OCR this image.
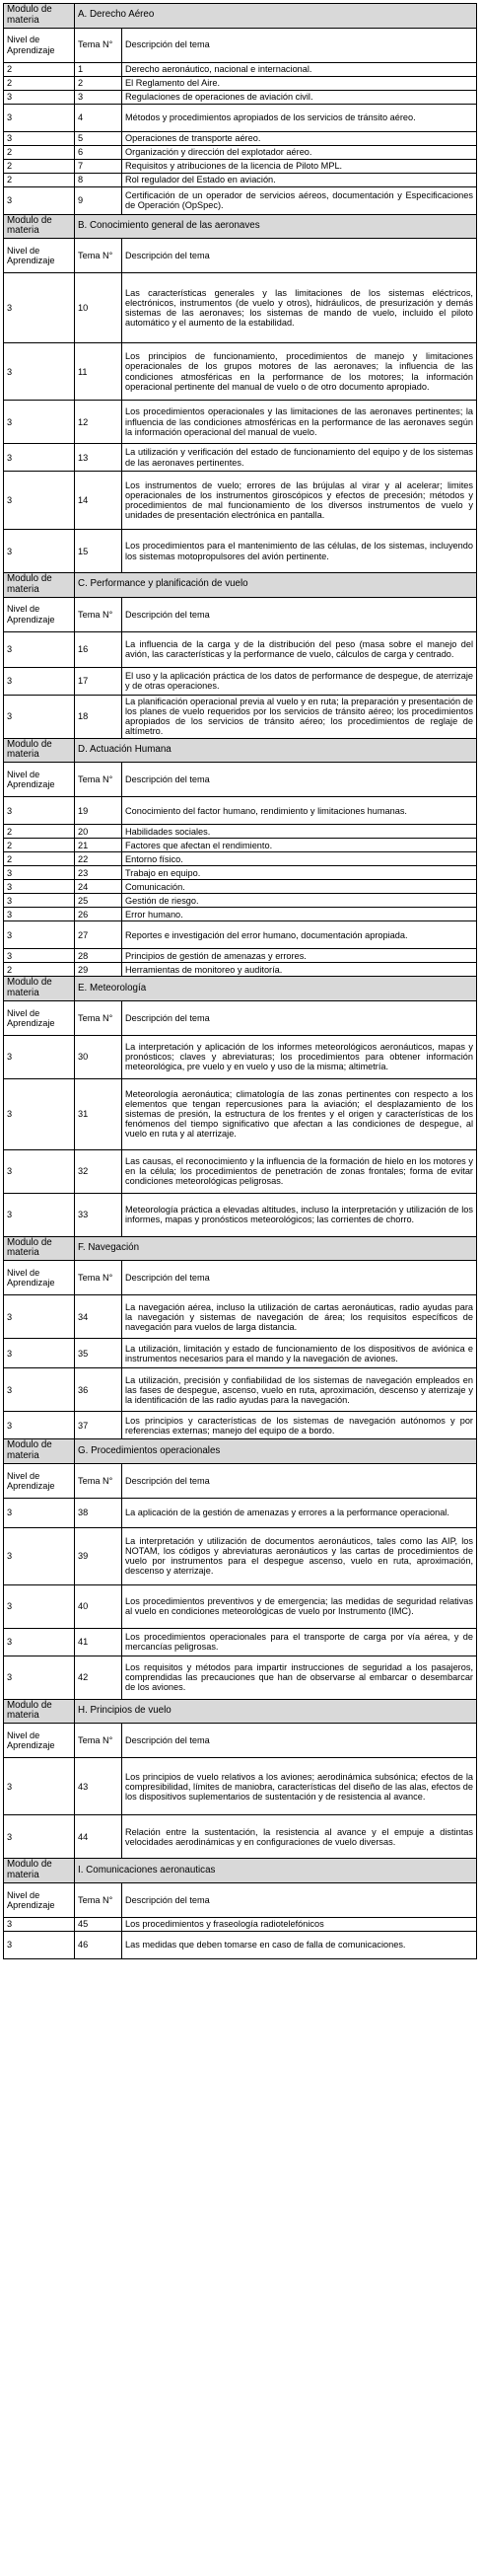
Modulo de materia	A. Derecho Aéreo	
Nivel de Aprendizaje	Tema N°	Descripción del tema
2	1	Derecho aeronáutico, nacional e internacional.
2	2	El Reglamento del Aire.
3	3	Regulaciones de operaciones de aviación civil.
3	4	Métodos y procedimientos apropiados de los servicios de tránsito aéreo.
3	5	Operaciones de transporte aéreo.
2	6	Organización y dirección del explotador aéreo.
2	7	Requisitos y atribuciones de la licencia de Piloto MPL.
2	8	Rol regulador del Estado en aviación.
3	9	Certificación de un operador de servicios aéreos, documentación y Especificaciones de Operación (OpSpec).
Modulo de materia	B. Conocimiento general de las aeronaves	
Nivel de Aprendizaje	Tema N°	Descripción del tema
3	10	Las características generales y las limitaciones de los sistemas eléctricos, electrónicos, instrumentos (de vuelo y otros), hidráulicos, de presurización y demás sistemas de las aeronaves; los sistemas de mando de vuelo, incluido el piloto automático y el aumento de la estabilidad.
3	11	Los principios de funcionamiento, procedimientos de manejo y limitaciones operacionales de los grupos motores de las aeronaves; la influencia de las condiciones atmosféricas en la performance de los motores; la información operacional pertinente del manual de vuelo o de otro documento apropiado.
3	12	Los procedimientos operacionales y las limitaciones de las aeronaves pertinentes; la influencia de las condiciones atmosféricas en la performance de las aeronaves según la información operacional del manual de vuelo.
3	13	La utilización y verificación del estado de funcionamiento del equipo y de los sistemas de las aeronaves pertinentes.
3	14	Los instrumentos de vuelo; errores de las brújulas al virar y al acelerar; limites operacionales de los instrumentos giroscópicos y efectos de precesión; métodos y procedimientos de mal funcionamiento de los diversos instrumentos de vuelo y unidades de presentación electrónica en pantalla.
3	15	Los procedimientos para el mantenimiento de las células, de los sistemas, incluyendo los sistemas motopropulsores del avión pertinente.
Modulo de materia	C. Performance y planificación de vuelo	
Nivel de Aprendizaje	Tema N°	Descripción del tema
3	16	La influencia de la carga y de la distribución del peso (masa sobre el manejo del avión, las características y la performance de vuelo, cálculos de carga y centrado.
3	17	El uso y la aplicación práctica de los datos de performance de despegue, de aterrizaje y de otras operaciones.
3	18	La planificación operacional previa al vuelo y en ruta; la preparación y presentación de los planes de vuelo requeridos por los servicios de tránsito aéreo; los procedimientos apropiados de los servicios de tránsito aéreo; los procedimientos de reglaje de altímetro.
Modulo de materia	D. Actuación Humana	
Nivel de Aprendizaje	Tema N°	Descripción del tema
3	19	Conocimiento del factor humano, rendimiento y limitaciones humanas.
2	20	Habilidades sociales.
2	21	Factores que afectan el rendimiento.
2	22	Entorno físico.
3	23	Trabajo en equipo.
3	24	Comunicación.
3	25	Gestión de riesgo.
3	26	Error humano.
3	27	Reportes e investigación del error humano, documentación apropiada.
3	28	Principios de gestión de amenazas y errores.
2	29	Herramientas de monitoreo y auditoría.
Modulo de materia	E. Meteorología	
Nivel de Aprendizaje	Tema N°	Descripción del tema
3	30	La interpretación y aplicación de los informes meteorológicos aeronáuticos, mapas y pronósticos; claves y abreviaturas; los procedimientos para obtener información meteorológica, pre vuelo y en vuelo y uso de la misma; altimetría.
3	31	Meteorología aeronáutica; climatología de las zonas pertinentes con respecto a los elementos que tengan repercusiones para la aviación; el desplazamiento de los sistemas de presión, la estructura de los frentes y el origen y características de los fenómenos del tiempo significativo que afectan a las condiciones de despegue, al vuelo en ruta y al aterrizaje.
3	32	Las causas, el reconocimiento y la influencia de la formación de hielo en los motores y en la célula; los procedimientos de penetración de zonas frontales; forma de evitar condiciones meteorológicas peligrosas.
3	33	Meteorología práctica a elevadas altitudes, incluso la interpretación y utilización de los informes, mapas y pronósticos meteorológicos; las corrientes de chorro.
Modulo de materia	F. Navegación	
Nivel de Aprendizaje	Tema N°	Descripción del tema
3	34	La navegación aérea, incluso la utilización de cartas aeronáuticas, radio ayudas para la navegación y sistemas de navegación de área; los requisitos específicos de navegación para vuelos de larga distancia.
3	35	La utilización, limitación y estado de funcionamiento de los dispositivos de aviónica e instrumentos necesarios para el mando y la navegación de aviones.
3	36	La utilización, precisión y confiabilidad de los sistemas de navegación empleados en las fases de despegue, ascenso, vuelo en ruta, aproximación, descenso y aterrizaje y la identificación de las radio ayudas para la navegación.
3	37	Los principios y características de los sistemas de navegación autónomos y por referencias externas; manejo del equipo de a bordo.
Modulo de materia	G. Procedimientos operacionales	
Nivel de Aprendizaje	Tema N°	Descripción del tema
3	38	La aplicación de la gestión de amenazas y errores a la performance operacional.
3	39	La interpretación y utilización de documentos aeronáuticos, tales como las AIP, los NOTAM, los códigos y abreviaturas aeronáuticos y las cartas de procedimientos de vuelo por instrumentos para el despegue ascenso, vuelo en ruta, aproximación, descenso y aterrizaje.
3	40	Los procedimientos preventivos y de emergencia; las medidas de seguridad relativas al vuelo en condiciones meteorológicas de vuelo por Instrumento (IMC).
3	41	Los procedimientos operacionales para el transporte de carga por vía aérea, y de mercancías peligrosas.
3	42	Los requisitos y métodos para impartir instrucciones de seguridad a los pasajeros, comprendidas las precauciones que han de observarse al embarcar o desembarcar de los aviones.
Modulo de materia	H. Principios de vuelo	
Nivel de Aprendizaje	Tema N°	Descripción del tema
3	43	Los principios de vuelo relativos a los aviones; aerodinámica subsónica; efectos de la compresibilidad, límites de maniobra, características del diseño de las alas, efectos de los dispositivos suplementarios de sustentación y de resistencia al avance.
3	44	Relación entre la sustentación, la resistencia al avance y el empuje a distintas velocidades aerodinámicas y en configuraciones de vuelo diversas.
Modulo de materia	I. Comunicaciones aeronauticas	
Nivel de Aprendizaje	Tema N°	Descripción del tema
3	45	Los procedimientos y fraseología radiotelefónicos
3	46	Las medidas que deben tomarse en caso de falla de comunicaciones.
